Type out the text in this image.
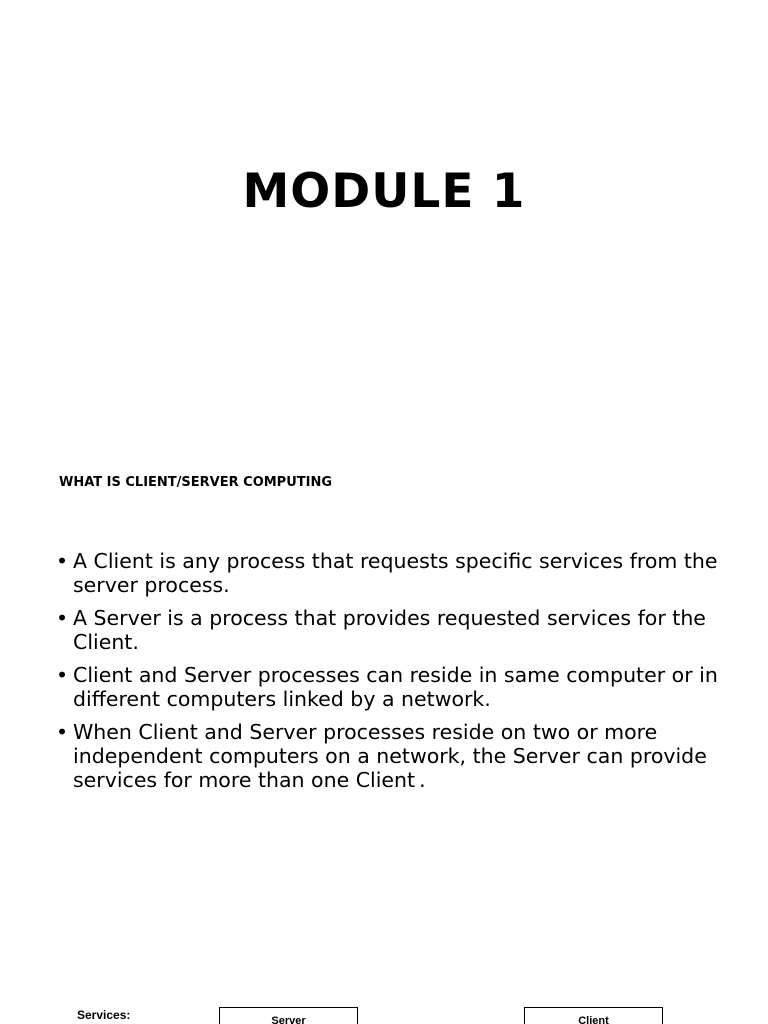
MODULE 1
WHAT IS CLIENT/SERVER COMPUTING
• A Client is any process that requests specific services from the server process.
• A Server is a process that provides requested services for the Client.
• Client and Server processes can reside in same computer or in different computers linked by a network.
• When Client and Server processes reside on two or more independent computers on a network, the Server can provide services for more than one Client .
Services:	Server	Client
